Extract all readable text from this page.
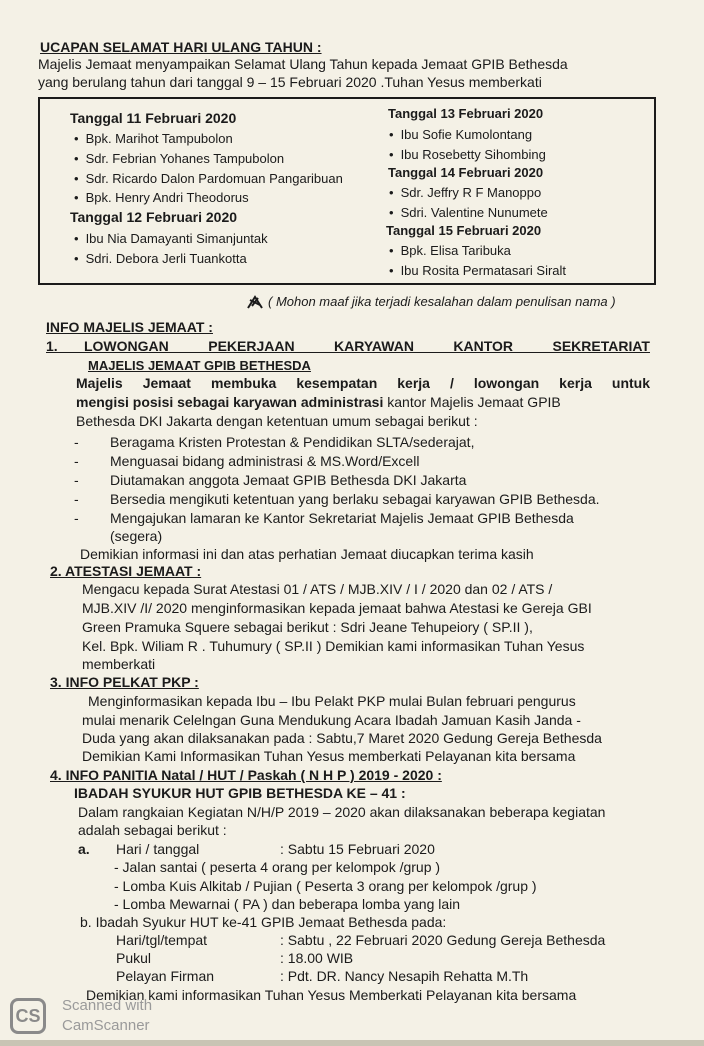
UCAPAN SELAMAT HARI ULANG TAHUN :
Majelis Jemaat menyampaikan Selamat Ulang Tahun kepada Jemaat GPIB Bethesda
yang berulang tahun dari tanggal 9 – 15 Februari 2020 .Tuhan Yesus memberkati
Tanggal 11 Februari 2020
• Bpk. Marihot Tampubolon
• Sdr. Febrian Yohanes Tampubolon
• Sdr. Ricardo Dalon Pardomuan Pangaribuan
• Bpk. Henry Andri Theodorus
Tanggal 12 Februari 2020
• Ibu Nia Damayanti Simanjuntak
• Sdri. Debora Jerli Tuankotta
Tanggal 13 Februari 2020
• Ibu Sofie Kumolontang
• Ibu Rosebetty Sihombing
Tanggal 14 Februari 2020
• Sdr. Jeffry R F Manoppo
• Sdri. Valentine Nunumete
Tanggal 15 Februari 2020
• Bpk. Elisa Taribuka
• Ibu Rosita Permatasari Siralt
( Mohon maaf jika terjadi kesalahan dalam penulisan nama )
INFO MAJELIS JEMAAT :
1.  LOWONGAN   PEKERJAAN   KARYAWAN   KANTOR   SEKRETARIAT
MAJELIS JEMAAT GPIB BETHESDA
Majelis  Jemaat  membuka  kesempatan  kerja  /  lowongan  kerja  untuk
mengisi posisi sebagai karyawan administrasi kantor Majelis Jemaat GPIB
Bethesda DKI Jakarta dengan ketentuan umum sebagai berikut :
- Beragama Kristen Protestan & Pendidikan SLTA/sederajat,
- Menguasai bidang administrasi & MS.Word/Excell
- Diutamakan anggota Jemaat GPIB Bethesda DKI Jakarta
- Bersedia mengikuti ketentuan yang berlaku sebagai karyawan GPIB Bethesda.
- Mengajukan lamaran ke Kantor Sekretariat Majelis Jemaat GPIB Bethesda
(segera)
Demikian informasi ini dan atas perhatian Jemaat diucapkan terima kasih
2. ATESTASI JEMAAT :
Mengacu kepada Surat Atestasi 01 / ATS / MJB.XIV / I / 2020 dan 02 / ATS /
MJB.XIV /I/ 2020 menginformasikan kepada jemaat bahwa Atestasi ke Gereja GBI
Green Pramuka Squere sebagai berikut : Sdri Jeane Tehupeiory ( SP.II ),
Kel. Bpk. Wiliam R . Tuhumury ( SP.II ) Demikian kami informasikan Tuhan Yesus
memberkati
3. INFO PELKAT PKP :
Menginformasikan kepada Ibu – Ibu Pelakt PKP mulai Bulan februari pengurus
mulai menarik Celelngan Guna Mendukung Acara Ibadah Jamuan Kasih Janda -
Duda yang akan dilaksanakan pada : Sabtu,7 Maret 2020 Gedung Gereja Bethesda
Demikian Kami Informasikan Tuhan Yesus memberkati Pelayanan kita bersama
4. INFO PANITIA Natal / HUT / Paskah ( N H P ) 2019 - 2020 :
IBADAH SYUKUR HUT GPIB BETHESDA KE – 41 :
Dalam rangkaian Kegiatan N/H/P 2019 – 2020 akan dilaksanakan beberapa kegiatan
adalah sebagai berikut :
a. Hari / tanggal	: Sabtu 15 Februari 2020
- Jalan santai ( peserta 4 orang per kelompok /grup )
- Lomba Kuis Alkitab / Pujian ( Peserta 3 orang per kelompok /grup )
- Lomba Mewarnai ( PA ) dan beberapa lomba yang lain
b. Ibadah Syukur HUT ke-41 GPIB Jemaat Bethesda pada:
Hari/tgl/tempat	: Sabtu , 22 Februari 2020 Gedung Gereja Bethesda
Pukul	: 18.00 WIB
Pelayan Firman	: Pdt. DR. Nancy Nesapih Rehatta M.Th
Demikian kami informasikan Tuhan Yesus Memberkati Pelayanan kita bersama
CS
Scanned with
CamScanner
